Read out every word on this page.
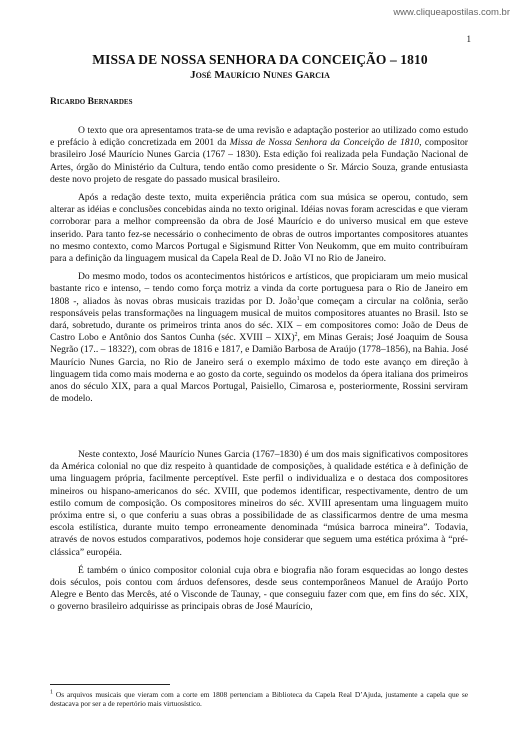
www.cliqueapostilas.com.br
1
MISSA DE NOSSA SENHORA DA CONCEIÇÃO – 1810
José Maurício Nunes Garcia
Ricardo Bernardes

O texto que ora apresentamos trata-se de uma revisão e adaptação posterior ao utilizado como estudo e prefácio à edição concretizada em 2001 da Missa de Nossa Senhora da Conceição de 1810, compositor brasileiro José Maurício Nunes Garcia (1767 – 1830). Esta edição foi realizada pela Fundação Nacional de Artes, órgão do Ministério da Cultura, tendo então como presidente o Sr. Márcio Souza, grande entusiasta deste novo projeto de resgate do passado musical brasileiro.

Após a redação deste texto, muita experiência prática com sua música se operou, contudo, sem alterar as idéias e conclusões concebidas ainda no texto original. Idéias novas foram acrescidas e que vieram corroborar para a melhor compreensão da obra de José Maurício e do universo musical em que esteve inserido. Para tanto fez-se necessário o conhecimento de obras de outros importantes compositores atuantes no mesmo contexto, como Marcos Portugal e Sigismund Ritter Von Neukomm, que em muito contribuíram para a definição da linguagem musical da Capela Real de D. João VI no Rio de Janeiro.

Do mesmo modo, todos os acontecimentos históricos e artísticos, que propiciaram um meio musical bastante rico e intenso, – tendo como força motriz a vinda da corte portuguesa para o Rio de Janeiro em 1808 -, aliados às novas obras musicais trazidas por D. João$^1$que começam a circular na colônia, serão responsáveis pelas transformações na linguagem musical de muitos compositores atuantes no Brasil. Isto se dará, sobretudo, durante os primeiros trinta anos do séc. XIX – em compositores como: João de Deus de Castro Lobo e Antônio dos Santos Cunha (séc. XVIII – XIX)$^2$, em Minas Gerais; José Joaquim de Sousa Negrão (17.. – 1832?), com obras de 1816 e 1817, e Damião Barbosa de Araújo (1778–1856), na Bahia. José Maurício Nunes Garcia, no Rio de Janeiro será o exemplo máximo de todo este avanço em direção à linguagem tida como mais moderna e ao gosto da corte, seguindo os modelos da ópera italiana dos primeiros anos do século XIX, para a qual Marcos Portugal, Paisiello, Cimarosa e, posteriormente, Rossini serviram de modelo.

Neste contexto, José Maurício Nunes Garcia (1767–1830) é um dos mais significativos compositores da América colonial no que diz respeito à quantidade de composições, à qualidade estética e à definição de uma linguagem própria, facilmente perceptível. Este perfil o individualiza e o destaca dos compositores mineiros ou hispano-americanos do séc. XVIII, que podemos identificar, respectivamente, dentro de um estilo comum de composição. Os compositores mineiros do séc. XVIII apresentam uma linguagem muito próxima entre si, o que conferiu a suas obras a possibilidade de as classificarmos dentre de uma mesma escola estilística, durante muito tempo erroneamente denominada “música barroca mineira”. Todavia, através de novos estudos comparativos, podemos hoje considerar que seguem uma estética próxima à “pré-clássica” européia.

É também o único compositor colonial cuja obra e biografia não foram esquecidas ao longo destes dois séculos, pois contou com árduos defensores, desde seus contemporâneos Manuel de Araújo Porto Alegre e Bento das Mercês, até o Visconde de Taunay, - que conseguiu fazer com que, em fins do séc. XIX, o governo brasileiro adquirisse as principais obras de José Maurício,

$^1$ Os arquivos musicais que vieram com a corte em 1808 pertenciam a Biblioteca da Capela Real D’Ajuda, justamente a capela que se destacava por ser a de repertório mais virtuosístico.
